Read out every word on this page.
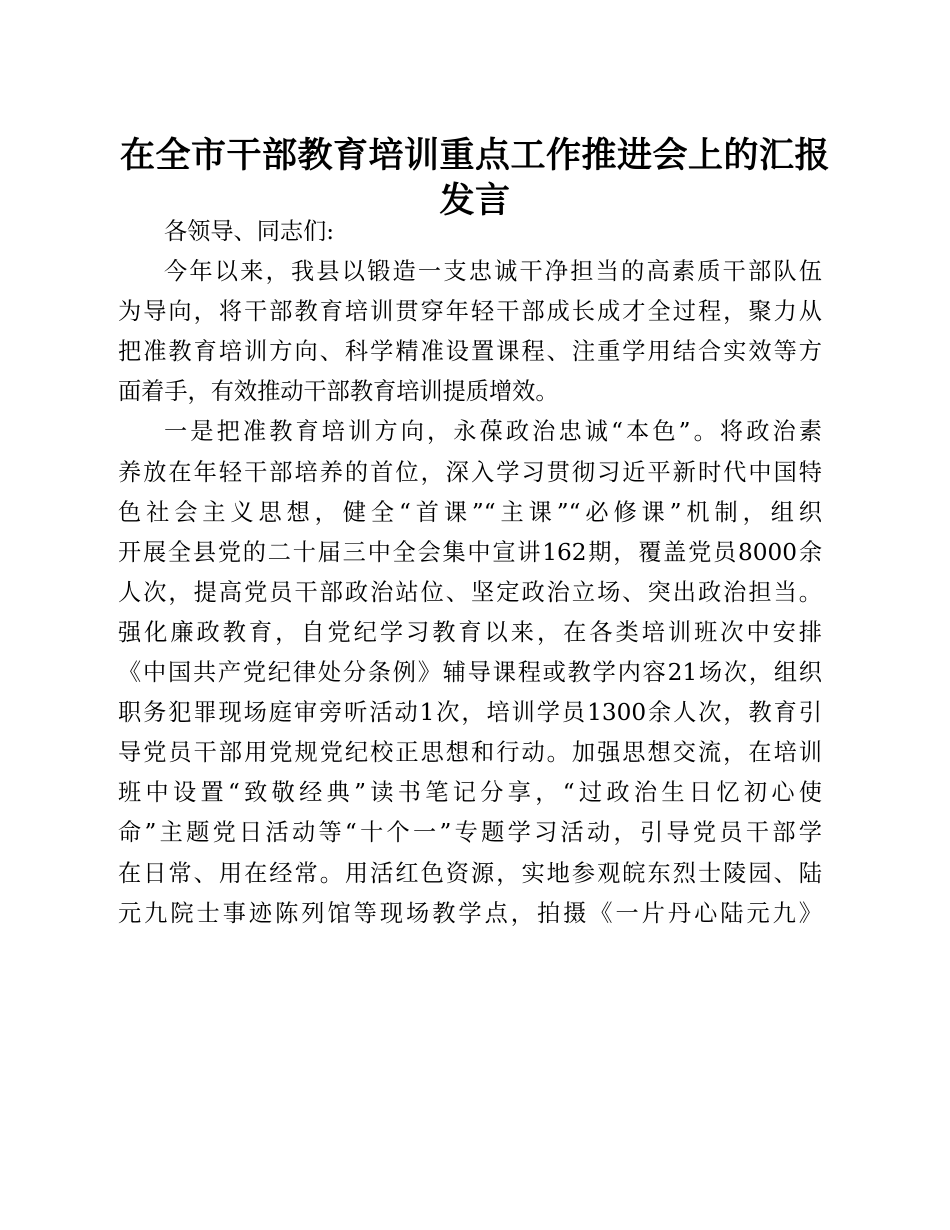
在全市干部教育培训重点工作推进会上的汇报
发言
各领导、同志们:
今年以来，我县以锻造一支忠诚干净担当的高素质干部队伍
为导向，将干部教育培训贯穿年轻干部成长成才全过程，聚力从
把准教育培训方向、科学精准设置课程、注重学用结合实效等方
面着手，有效推动干部教育培训提质增效。
一是把准教育培训方向，永葆政治忠诚“本色”。将政治素
养放在年轻干部培养的首位，深入学习贯彻习近平新时代中国特
色社会主义思想，健全“首课”“主课”“必修课”机制，组织
开展全县党的二十届三中全会集中宣讲162期，覆盖党员8000余
人次，提高党员干部政治站位、坚定政治立场、突出政治担当。
强化廉政教育，自党纪学习教育以来，在各类培训班次中安排
《中国共产党纪律处分条例》辅导课程或教学内容21场次，组织
职务犯罪现场庭审旁听活动1次，培训学员1300余人次，教育引
导党员干部用党规党纪校正思想和行动。加强思想交流，在培训
班中设置“致敬经典”读书笔记分享，“过政治生日忆初心使
命”主题党日活动等“十个一”专题学习活动，引导党员干部学
在日常、用在经常。用活红色资源，实地参观皖东烈士陵园、陆
元九院士事迹陈列馆等现场教学点，拍摄《一片丹心陆元九》
